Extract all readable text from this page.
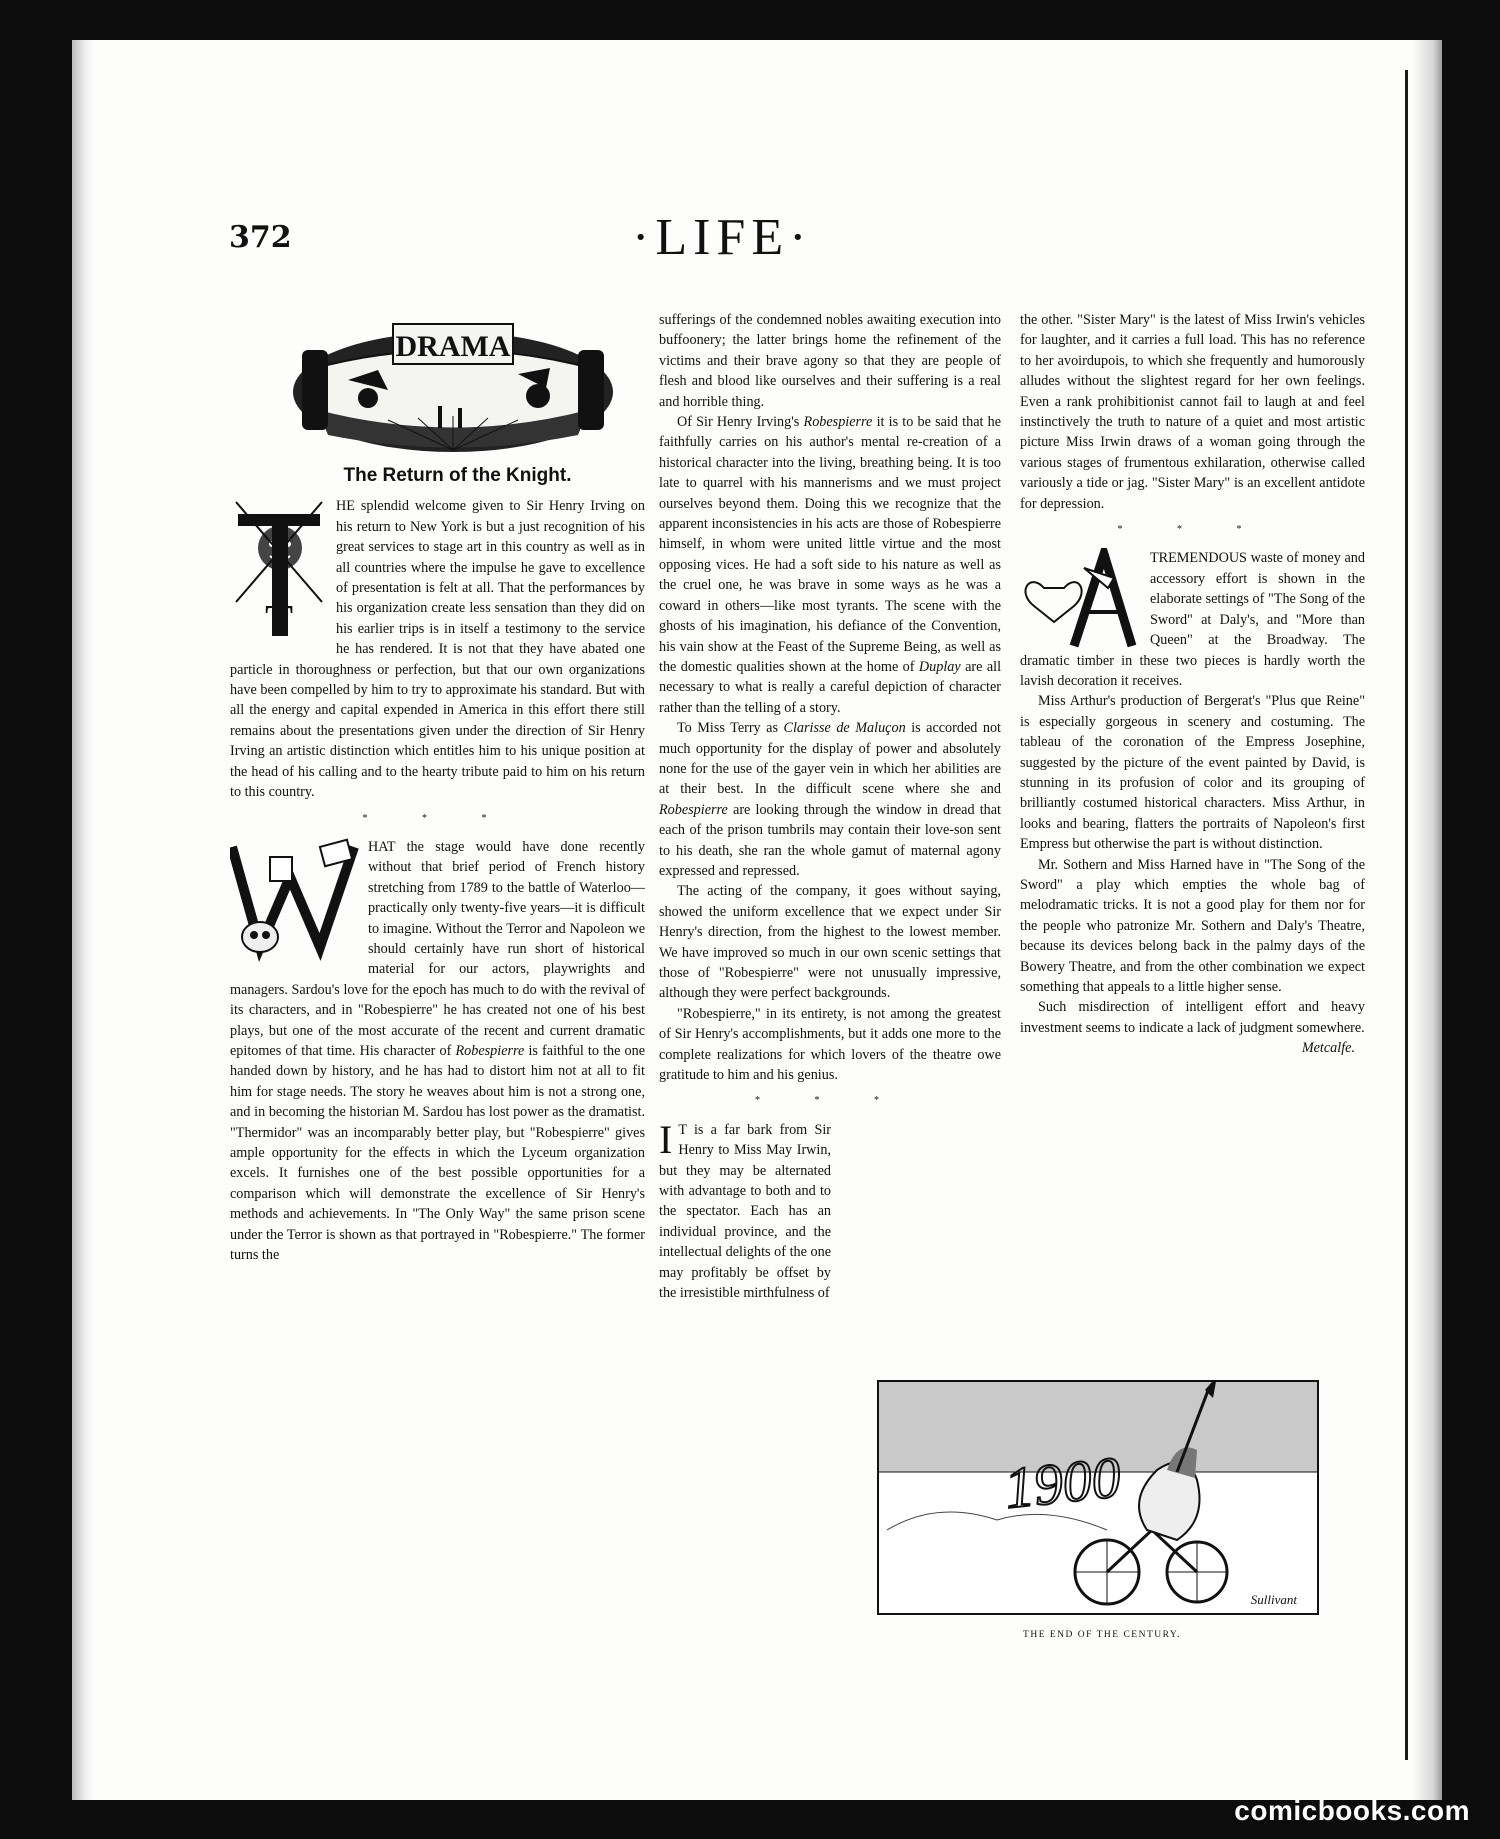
372	·LIFE·
DRAMA
The Return of the Knight.

T
HE splendid welcome given to Sir Henry Irving on his return to New York is but a just recognition of his great services to stage art in this country as well as in all countries where the impulse he gave to excellence of presentation is felt at all. That the performances by his organization create less sensation than they did on his earlier trips is in itself a testimony to the service he has rendered. It is not that they have abated one particle in thoroughness or perfection, but that our own organizations have been compelled by him to try to approximate his standard. But with all the energy and capital expended in America in this effort there still remains about the presentations given under the direction of Sir Henry Irving an artistic distinction which entitles him to his unique position at the head of his calling and to the hearty tribute paid to him on his return to this country.

* * *

W
HAT the stage would have done recently without that brief period of French history stretching from 1789 to the battle of Waterloo—practically only twenty-five years—it is difficult to imagine. Without the Terror and Napoleon we should certainly have run short of historical material for our actors, playwrights and managers. Sardou's love for the epoch has much to do with the revival of its characters, and in "Robespierre" he has created not one of his best plays, but one of the most accurate of the recent and current dramatic epitomes of that time. His character of Robespierre is faithful to the one handed down by history, and he has had to distort him not at all to fit him for stage needs. The story he weaves about him is not a strong one, and in becoming the historian M. Sardou has lost power as the dramatist. "Thermidor" was an incomparably better play, but "Robespierre" gives ample opportunity for the effects in which the Lyceum organization excels. It furnishes one of the best possible opportunities for a comparison which will demonstrate the excellence of Sir Henry's methods and achievements. In "The Only Way" the same prison scene under the Terror is shown as that portrayed in "Robespierre." The former turns the

sufferings of the condemned nobles awaiting execution into buffoonery; the latter brings home the refinement of the victims and their brave agony so that they are people of flesh and blood like ourselves and their suffering is a real and horrible thing.

Of Sir Henry Irving's Robespierre it is to be said that he faithfully carries on his author's mental re-creation of a historical character into the living, breathing being. It is too late to quarrel with his mannerisms and we must project ourselves beyond them. Doing this we recognize that the apparent inconsistencies in his acts are those of Robespierre himself, in whom were united little virtue and the most opposing vices. He had a soft side to his nature as well as the cruel one, he was brave in some ways as he was a coward in others—like most tyrants. The scene with the ghosts of his imagination, his defiance of the Convention, his vain show at the Feast of the Supreme Being, as well as the domestic qualities shown at the home of Duplay are all necessary to what is really a careful depiction of character rather than the telling of a story.

To Miss Terry as Clarisse de Maluçon is accorded not much opportunity for the display of power and absolutely none for the use of the gayer vein in which her abilities are at their best. In the difficult scene where she and Robespierre are looking through the window in dread that each of the prison tumbrils may contain their love-son sent to his death, she ran the whole gamut of maternal agony expressed and repressed.

The acting of the company, it goes without saying, showed the uniform excellence that we expect under Sir Henry's direction, from the highest to the lowest member. We have improved so much in our own scenic settings that those of "Robespierre" were not unusually impressive, although they were perfect backgrounds.

"Robespierre," in its entirety, is not among the greatest of Sir Henry's accomplishments, but it adds one more to the complete realizations for which lovers of the theatre owe gratitude to him and his genius.

* * *

I T is a far bark from Sir Henry to Miss May Irwin, but they may be alternated with advantage to both and to the spectator. Each has an individual province, and the intellectual delights of the one may profitably be offset by the irresistible mirthfulness of

the other. "Sister Mary" is the latest of Miss Irwin's vehicles for laughter, and it carries a full load. This has no reference to her avoirdupois, to which she frequently and humorously alludes without the slightest regard for her own feelings. Even a rank prohibitionist cannot fail to laugh at and feel instinctively the truth to nature of a quiet and most artistic picture Miss Irwin draws of a woman going through the various stages of frumentous exhilaration, otherwise called variously a tide or jag. "Sister Mary" is an excellent antidote for depression.

* * *

A
TREMENDOUS waste of money and accessory effort is shown in the elaborate settings of "The Song of the Sword" at Daly's, and "More than Queen" at the Broadway. The dramatic timber in these two pieces is hardly worth the lavish decoration it receives.

Miss Arthur's production of Bergerat's "Plus que Reine" is especially gorgeous in scenery and costuming. The tableau of the coronation of the Empress Josephine, suggested by the picture of the event painted by David, is stunning in its profusion of color and its grouping of brilliantly costumed historical characters. Miss Arthur, in looks and bearing, flatters the portraits of Napoleon's first Empress but otherwise the part is without distinction.

Mr. Sothern and Miss Harned have in "The Song of the Sword" a play which empties the whole bag of melodramatic tricks. It is not a good play for them nor for the people who patronize Mr. Sothern and Daly's Theatre, because its devices belong back in the palmy days of the Bowery Theatre, and from the other combination we expect something that appeals to a little higher sense.

Such misdirection of intelligent effort and heavy investment seems to indicate a lack of judgment somewhere.

Metcalfe.
1900
Sullivant
THE END OF THE CENTURY.
comicbooks.com
